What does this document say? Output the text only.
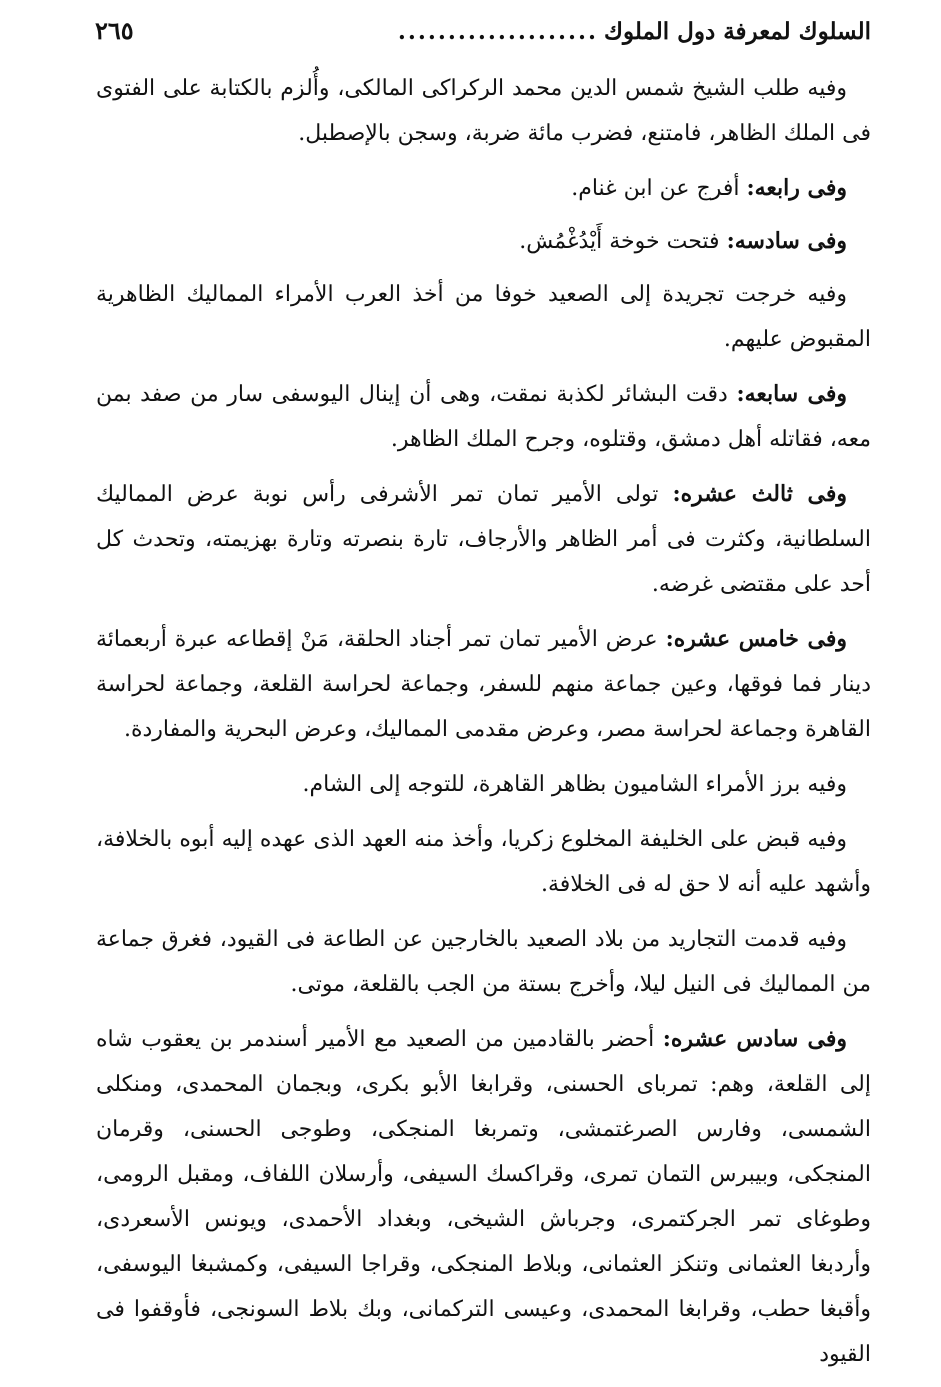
السلوك لمعرفة دول الملوك
....................
٢٦٥

وفيه طلب الشيخ شمس الدين محمد الركراكى المالكى، وأُلزم بالكتابة على الفتوى فى الملك الظاهر، فامتنع، فضرب مائة ضربة، وسجن بالإصطبل.

وفى رابعه: أفرج عن ابن غنام.

وفى سادسه: فتحت خوخة أَيْدُغْمُش.

وفيه خرجت تجريدة إلى الصعيد خوفا من أخذ العرب الأمراء المماليك الظاهرية المقبوض عليهم.

وفى سابعه: دقت البشائر لكذبة نمقت، وهى أن إينال اليوسفى سار من صفد بمن معه، فقاتله أهل دمشق، وقتلوه، وجرح الملك الظاهر.

وفى ثالث عشره: تولى الأمير تمان تمر الأشرفى رأس نوبة عرض المماليك السلطانية، وكثرت فى أمر الظاهر والأرجاف، تارة بنصرته وتارة بهزيمته، وتحدث كل أحد على مقتضى غرضه.

وفى خامس عشره: عرض الأمير تمان تمر أجناد الحلقة، مَنْ إقطاعه عبرة أربعمائة دينار فما فوقها، وعين جماعة منهم للسفر، وجماعة لحراسة القلعة، وجماعة لحراسة القاهرة وجماعة لحراسة مصر، وعرض مقدمى المماليك، وعرض البحرية والمفاردة.

وفيه برز الأمراء الشاميون بظاهر القاهرة، للتوجه إلى الشام.

وفيه قبض على الخليفة المخلوع زكريا، وأخذ منه العهد الذى عهده إليه أبوه بالخلافة، وأشهد عليه أنه لا حق له فى الخلافة.

وفيه قدمت التجاريد من بلاد الصعيد بالخارجين عن الطاعة فى القيود، فغرق جماعة من المماليك فى النيل ليلا، وأخرج بستة من الجب بالقلعة، موتى.

وفى سادس عشره: أحضر بالقادمين من الصعيد مع الأمير أسندمر بن يعقوب شاه إلى القلعة، وهم: تمرباى الحسنى، وقرابغا الأبو بكرى، وبجمان المحمدى، ومنكلى الشمسى، وفارس الصرغتمشى، وتمربغا المنجكى، وطوجى الحسنى، وقرمان المنجكى، وبيبرس التمان تمرى، وقراكسك السيفى، وأرسلان اللفاف، ومقبل الرومى، وطوغاى تمر الجركتمرى، وجرباش الشيخى، وبغداد الأحمدى، ويونس الأسعردى، وأردبغا العثمانى وتنكز العثمانى، وبلاط المنجكى، وقراجا السيفى، وكمشبغا اليوسفى، وأقبغا حطب، وقرابغا المحمدى، وعيسى التركمانى، وبك بلاط السونجى، فأوقفوا فى القيود
